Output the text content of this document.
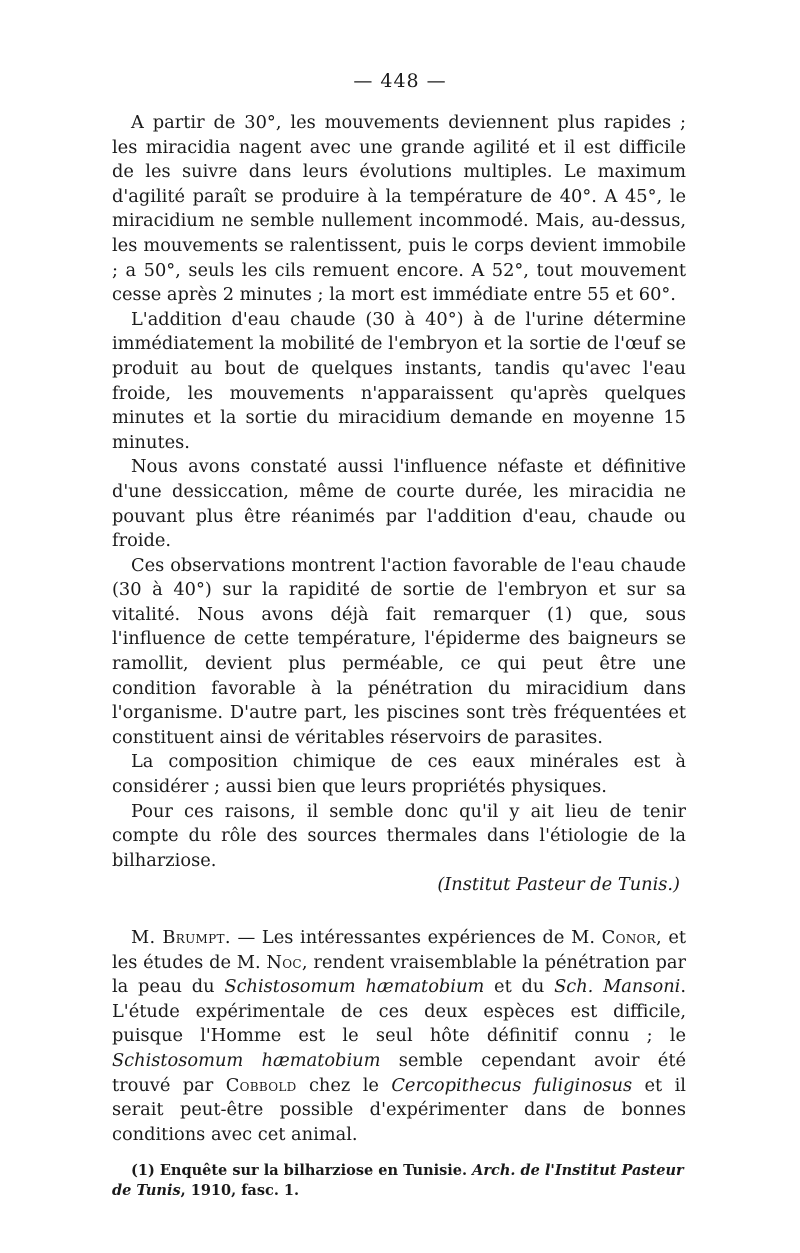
— 448 —

A partir de 30°, les mouvements deviennent plus rapides ; les miracidia nagent avec une grande agilité et il est difficile de les suivre dans leurs évolutions multiples. Le maximum d'agilité paraît se produire à la température de 40°. A 45°, le miracidium ne semble nullement incommodé. Mais, au-dessus, les mouvements se ralentissent, puis le corps devient immobile ; a 50°, seuls les cils remuent encore. A 52°, tout mouvement cesse après 2 minutes ; la mort est immédiate entre 55 et 60°.

L'addition d'eau chaude (30 à 40°) à de l'urine détermine immédiatement la mobilité de l'embryon et la sortie de l'œuf se produit au bout de quelques instants, tandis qu'avec l'eau froide, les mouvements n'apparaissent qu'après quelques minutes et la sortie du miracidium demande en moyenne 15 minutes.

Nous avons constaté aussi l'influence néfaste et définitive d'une dessiccation, même de courte durée, les miracidia ne pouvant plus être réanimés par l'addition d'eau, chaude ou froide.

Ces observations montrent l'action favorable de l'eau chaude (30 à 40°) sur la rapidité de sortie de l'embryon et sur sa vitalité. Nous avons déjà fait remarquer (1) que, sous l'influence de cette température, l'épiderme des baigneurs se ramollit, devient plus perméable, ce qui peut être une condition favorable à la pénétration du miracidium dans l'organisme. D'autre part, les piscines sont très fréquentées et constituent ainsi de véritables réservoirs de parasites.

La composition chimique de ces eaux minérales est à considérer ; aussi bien que leurs propriétés physiques.

Pour ces raisons, il semble donc qu'il y ait lieu de tenir compte du rôle des sources thermales dans l'étiologie de la bilharziose.

(Institut Pasteur de Tunis.)

M. Brumpt. — Les intéressantes expériences de M. Conor, et les études de M. Noc, rendent vraisemblable la pénétration par la peau du Schistosomum hæmatobium et du Sch. Mansoni. L'étude expérimentale de ces deux espèces est difficile, puisque l'Homme est le seul hôte définitif connu ; le Schistosomum hæmatobium semble cependant avoir été trouvé par Cobbold chez le Cercopithecus fuliginosus et il serait peut-être possible d'expérimenter dans de bonnes conditions avec cet animal.

(1) Enquête sur la bilharziose en Tunisie. Arch. de l'Institut Pasteur de Tunis, 1910, fasc. 1.
